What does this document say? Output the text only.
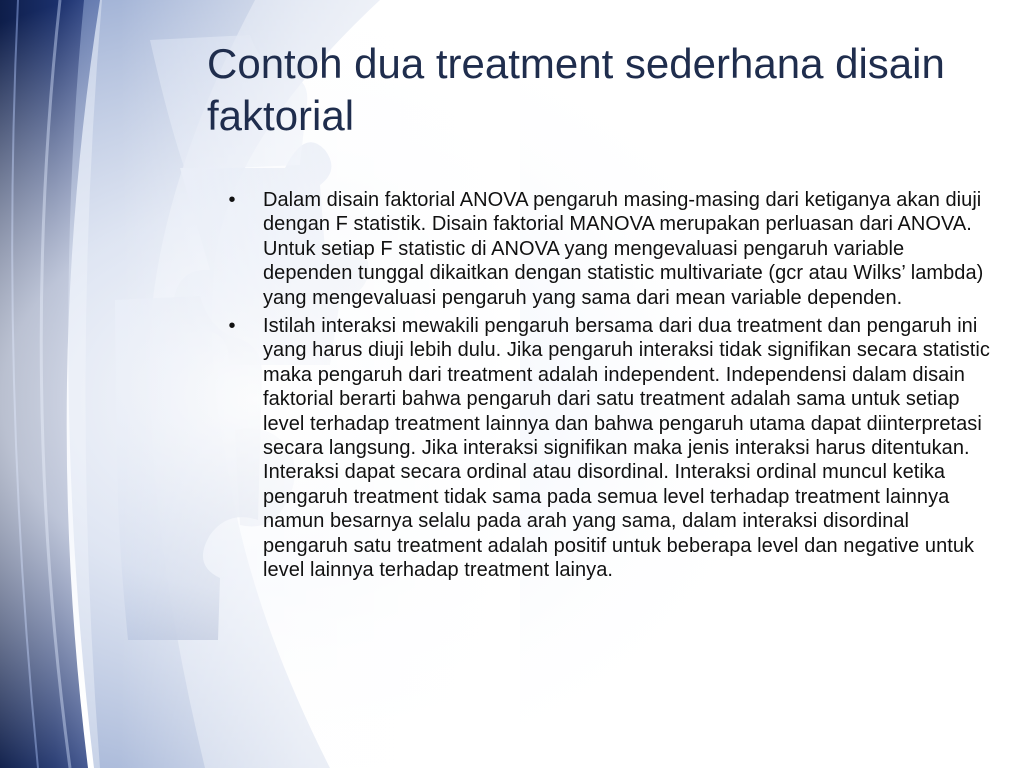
Contoh dua treatment sederhana disain faktorial
•	Dalam disain faktorial ANOVA pengaruh masing-masing dari ketiganya akan diuji dengan F statistik. Disain faktorial MANOVA merupakan perluasan dari ANOVA. Untuk setiap F statistic di ANOVA yang mengevaluasi pengaruh variable dependen tunggal dikaitkan dengan statistic multivariate (gcr atau Wilks’ lambda) yang mengevaluasi pengaruh yang sama dari mean variable dependen.
•	Istilah interaksi mewakili pengaruh bersama dari dua treatment dan pengaruh ini yang harus diuji lebih dulu. Jika pengaruh interaksi tidak signifikan secara statistic maka pengaruh dari treatment adalah independent. Independensi dalam disain faktorial berarti bahwa pengaruh dari satu treatment adalah sama untuk setiap level terhadap treatment lainnya dan bahwa pengaruh utama dapat diinterpretasi secara langsung. Jika interaksi signifikan maka jenis interaksi harus ditentukan. Interaksi dapat secara ordinal atau disordinal. Interaksi ordinal muncul ketika pengaruh treatment tidak sama pada semua level terhadap treatment lainnya namun besarnya selalu pada arah yang sama, dalam interaksi disordinal pengaruh satu treatment adalah positif untuk beberapa level dan negative untuk level lainnya terhadap treatment lainya.
